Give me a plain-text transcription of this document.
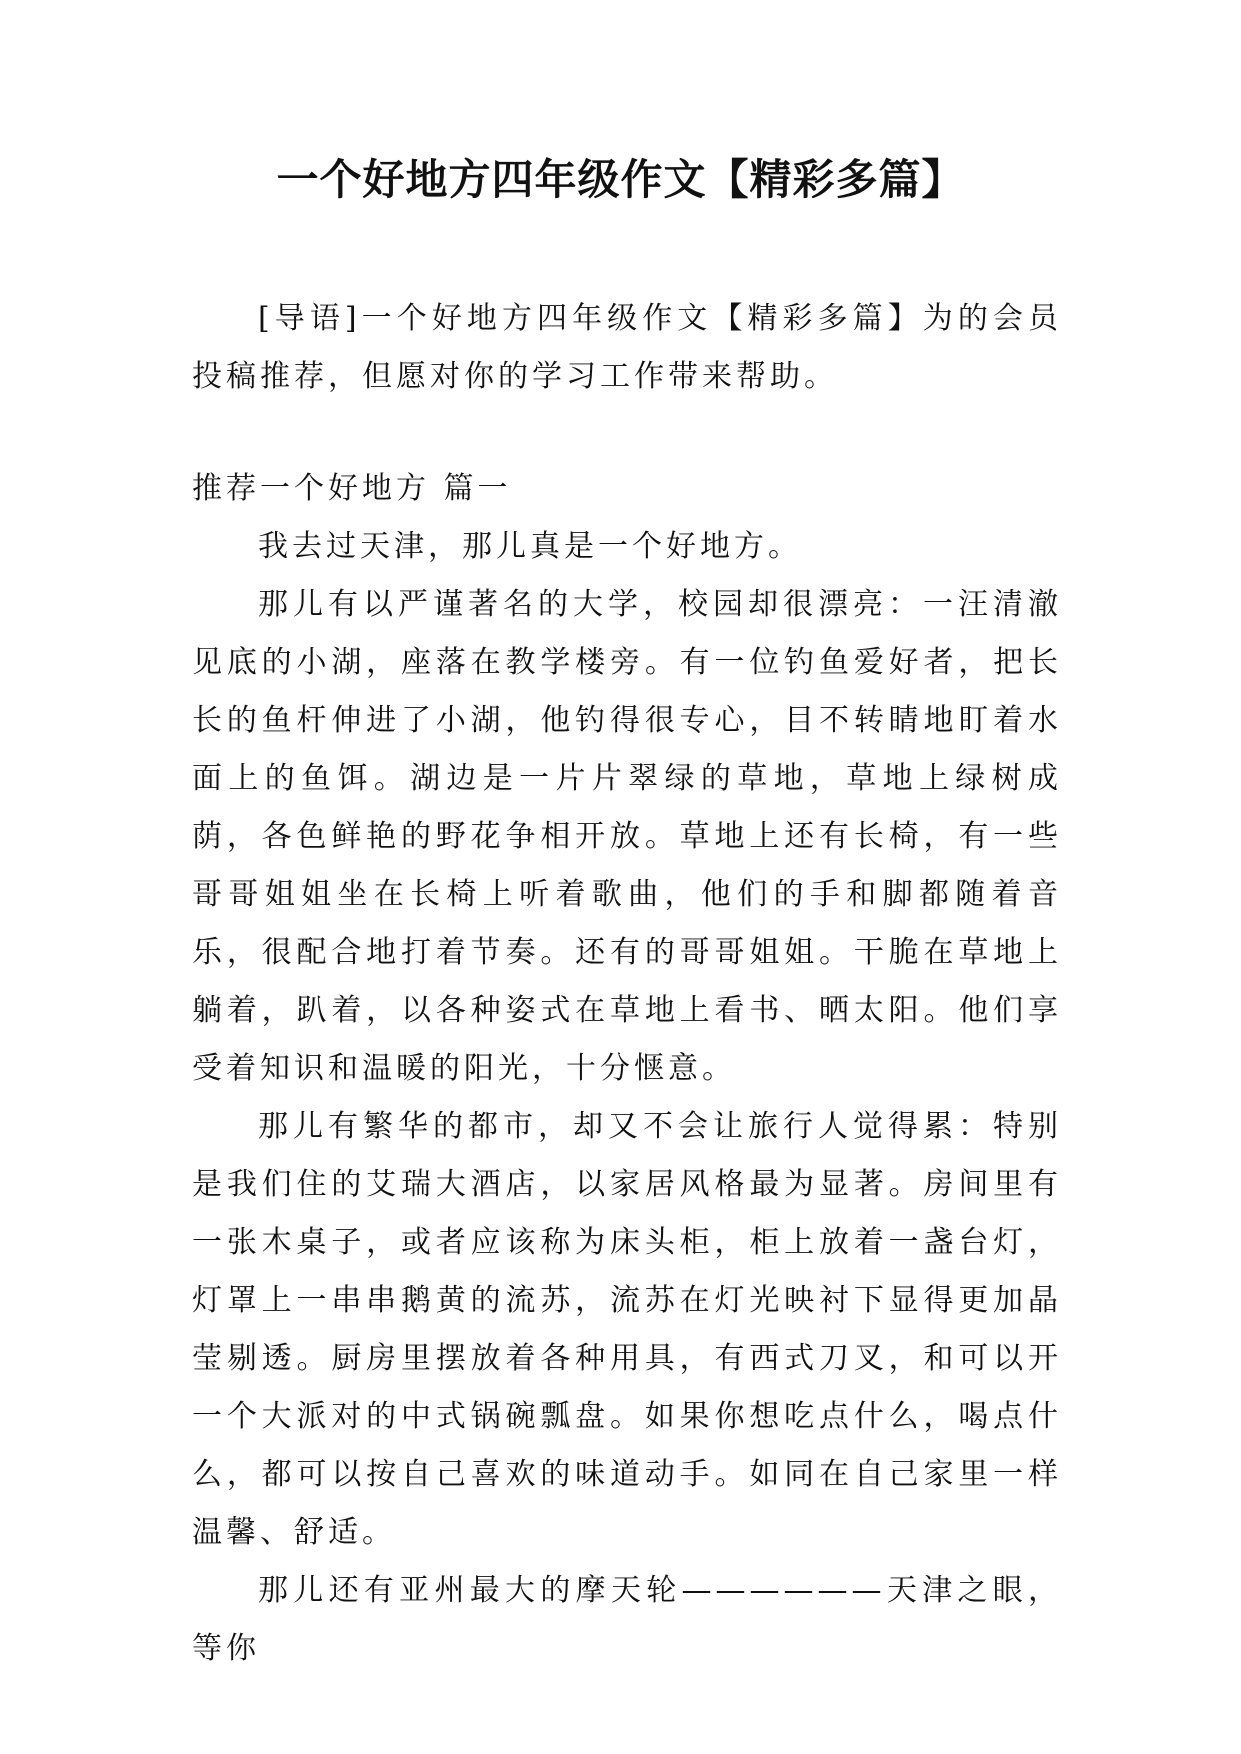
一个好地方四年级作文【精彩多篇】

[导语]一个好地方四年级作文【精彩多篇】为的会员投稿推荐，但愿对你的学习工作带来帮助。

推荐一个好地方 篇一

我去过天津，那儿真是一个好地方。

那儿有以严谨著名的大学，校园却很漂亮：一汪清澈见底的小湖，座落在教学楼旁。有一位钓鱼爱好者，把长长的鱼杆伸进了小湖，他钓得很专心，目不转睛地盯着水面上的鱼饵。湖边是一片片翠绿的草地，草地上绿树成荫，各色鲜艳的野花争相开放。草地上还有长椅，有一些哥哥姐姐坐在长椅上听着歌曲，他们的手和脚都随着音乐，很配合地打着节奏。还有的哥哥姐姐。干脆在草地上躺着，趴着，以各种姿式在草地上看书、晒太阳。他们享受着知识和温暖的阳光，十分惬意。

那儿有繁华的都市，却又不会让旅行人觉得累：特别是我们住的艾瑞大酒店，以家居风格最为显著。房间里有一张木桌子，或者应该称为床头柜，柜上放着一盏台灯，灯罩上一串串鹅黄的流苏，流苏在灯光映衬下显得更加晶莹剔透。厨房里摆放着各种用具，有西式刀叉，和可以开一个大派对的中式锅碗瓢盘。如果你想吃点什么，喝点什么，都可以按自己喜欢的味道动手。如同在自己家里一样温馨、舒适。

那儿还有亚州最大的摩天轮——————天津之眼，等你
